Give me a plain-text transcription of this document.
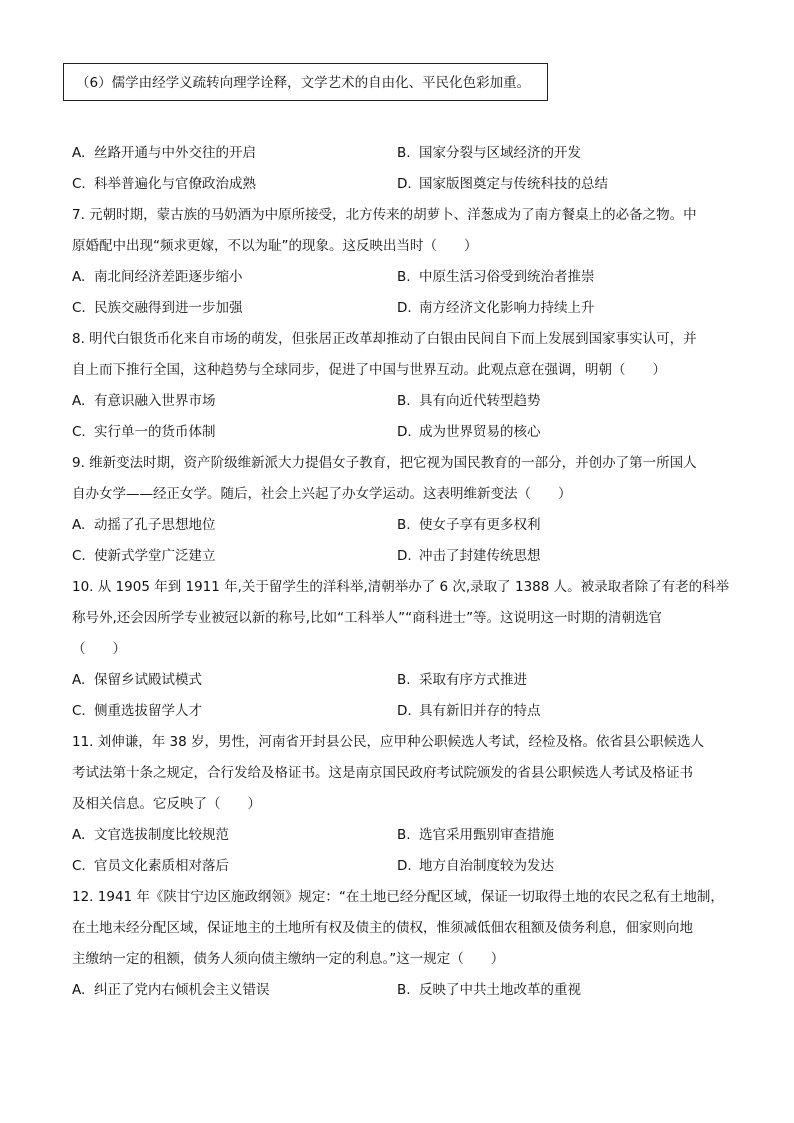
（6）儒学由经学义疏转向理学诠释，文学艺术的自由化、平民化色彩加重。
A. 丝路开通与中外交往的开启	B. 国家分裂与区域经济的开发
C. 科举普遍化与官僚政治成熟	D. 国家版图奠定与传统科技的总结

7. 元朝时期，蒙古族的马奶酒为中原所接受，北方传来的胡萝卜、洋葱成为了南方餐桌上的必备之物。中

原婚配中出现“频求更嫁，不以为耻”的现象。这反映出当时（　　）

A. 南北间经济差距逐步缩小	B. 中原生活习俗受到统治者推崇
C. 民族交融得到进一步加强	D. 南方经济文化影响力持续上升

8. 明代白银货币化来自市场的萌发，但张居正改革却推动了白银由民间自下而上发展到国家事实认可，并

自上而下推行全国，这种趋势与全球同步，促进了中国与世界互动。此观点意在强调，明朝（　　）

A. 有意识融入世界市场	B. 具有向近代转型趋势
C. 实行单一的货币体制	D. 成为世界贸易的核心

9. 维新变法时期，资产阶级维新派大力提倡女子教育，把它视为国民教育的一部分，并创办了第一所国人

自办女学——经正女学。随后，社会上兴起了办女学运动。这表明维新变法（　　）

A. 动摇了孔子思想地位	B. 使女子享有更多权利
C. 使新式学堂广泛建立	D. 冲击了封建传统思想

10. 从 1905 年到 1911 年,关于留学生的洋科举,清朝举办了 6 次,录取了 1388 人。被录取者除了有老的科举

称号外,还会因所学专业被冠以新的称号,比如“工科举人”“商科进士”等。这说明这一时期的清朝选官

（　　）

A. 保留乡试殿试模式	B. 采取有序方式推进
C. 侧重选拔留学人才	D. 具有新旧并存的特点

11. 刘伸谦，年 38 岁，男性，河南省开封县公民，应甲种公职候选人考试，经检及格。依省县公职候选人

考试法第十条之规定，合行发给及格证书。这是南京国民政府考试院颁发的省县公职候选人考试及格证书

及相关信息。它反映了（　　）

A. 文官选拔制度比较规范	B. 选官采用甄别审查措施
C. 官员文化素质相对落后	D. 地方自治制度较为发达

12. 1941 年《陕甘宁边区施政纲领》规定：“在土地已经分配区域，保证一切取得土地的农民之私有土地制，

在土地未经分配区域，保证地主的土地所有权及债主的债权，惟须减低佃农租额及债务利息，佃家则向地

主缴纳一定的租额，债务人须向债主缴纳一定的利息。”这一规定（　　）

A. 纠正了党内右倾机会主义错误	B. 反映了中共土地改革的重视
